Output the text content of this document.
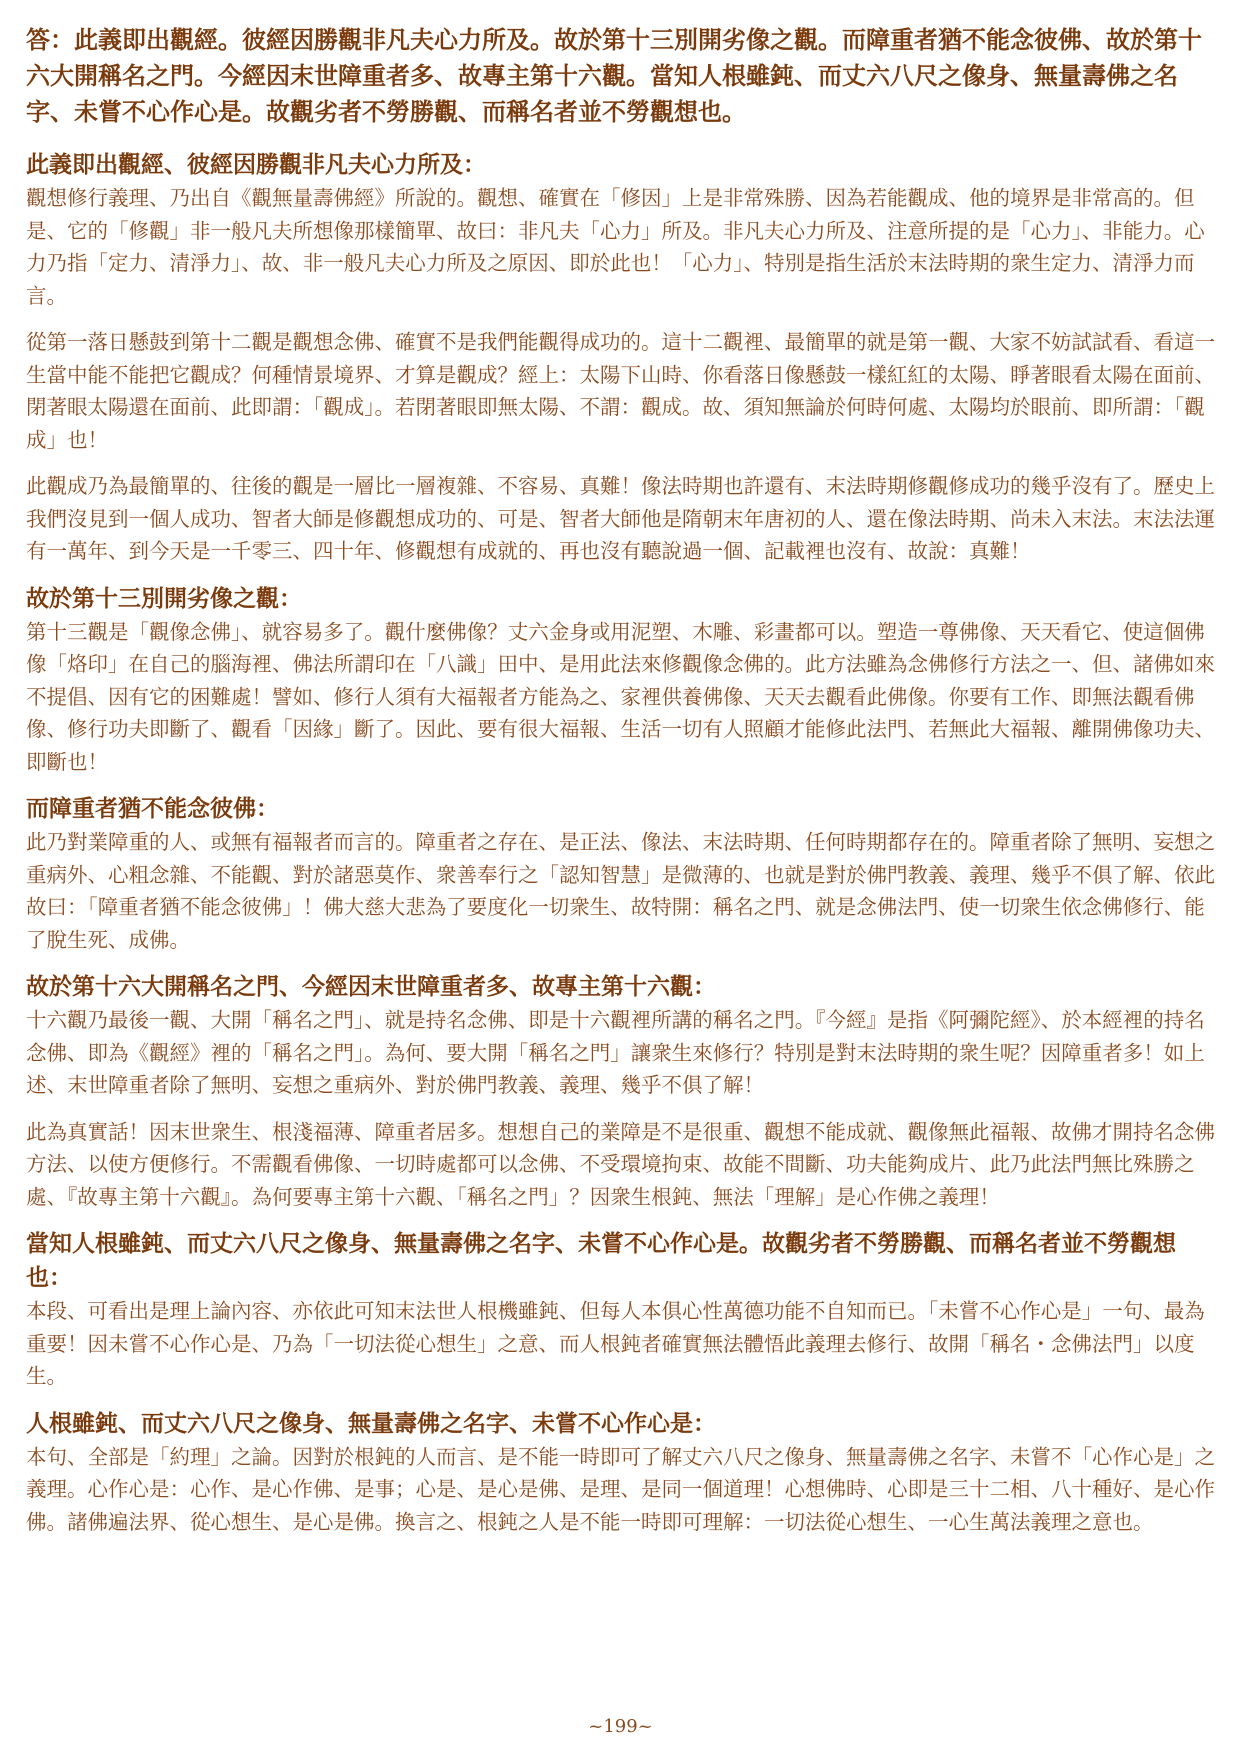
答：此義即出觀經。彼經因勝觀非凡夫心力所及。故於第十三別開劣像之觀。而障重者猶不能念彼佛、故於第十六大開稱名之門。今經因末世障重者多、故專主第十六觀。當知人根雖鈍、而丈六八尺之像身、無量壽佛之名字、未嘗不心作心是。故觀劣者不勞勝觀、而稱名者並不勞觀想也。

此義即出觀經、彼經因勝觀非凡夫心力所及：

觀想修行義理、乃出自《觀無量壽佛經》所說的。觀想、確實在「修因」上是非常殊勝、因為若能觀成、他的境界是非常高的。但是、它的「修觀」非一般凡夫所想像那樣簡單、故曰：非凡夫「心力」所及。非凡夫心力所及、注意所提的是「心力」、非能力。心力乃指「定力、清淨力」、故、非一般凡夫心力所及之原因、即於此也！「心力」、特別是指生活於末法時期的衆生定力、清淨力而言。

從第一落日懸鼓到第十二觀是觀想念佛、確實不是我們能觀得成功的。這十二觀裡、最簡單的就是第一觀、大家不妨試試看、看這一生當中能不能把它觀成？何種情景境界、才算是觀成？經上：太陽下山時、你看落日像懸鼓一樣紅紅的太陽、睜著眼看太陽在面前、閉著眼太陽還在面前、此即謂：「觀成」。若閉著眼即無太陽、不謂：觀成。故、須知無論於何時何處、太陽均於眼前、即所謂：「觀成」也！

此觀成乃為最簡單的、往後的觀是一層比一層複雜、不容易、真難！像法時期也許還有、末法時期修觀修成功的幾乎沒有了。歷史上我們沒見到一個人成功、智者大師是修觀想成功的、可是、智者大師他是隋朝末年唐初的人、還在像法時期、尚未入末法。末法法運有一萬年、到今天是一千零三、四十年、修觀想有成就的、再也沒有聽說過一個、記載裡也沒有、故說：真難！

故於第十三別開劣像之觀：

第十三觀是「觀像念佛」、就容易多了。觀什麼佛像？丈六金身或用泥塑、木雕、彩畫都可以。塑造一尊佛像、天天看它、使這個佛像「烙印」在自己的腦海裡、佛法所謂印在「八識」田中、是用此法來修觀像念佛的。此方法雖為念佛修行方法之一、但、諸佛如來不提倡、因有它的困難處！譬如、修行人須有大福報者方能為之、家裡供養佛像、天天去觀看此佛像。你要有工作、即無法觀看佛像、修行功夫即斷了、觀看「因緣」斷了。因此、要有很大福報、生活一切有人照顧才能修此法門、若無此大福報、離開佛像功夫、即斷也！

而障重者猶不能念彼佛：

此乃對業障重的人、或無有福報者而言的。障重者之存在、是正法、像法、末法時期、任何時期都存在的。障重者除了無明、妄想之重病外、心粗念雜、不能觀、對於諸惡莫作、衆善奉行之「認知智慧」是微薄的、也就是對於佛門教義、義理、幾乎不俱了解、依此故曰：「障重者猶不能念彼佛」！佛大慈大悲為了要度化一切衆生、故特開：稱名之門、就是念佛法門、使一切衆生依念佛修行、能了脫生死、成佛。

故於第十六大開稱名之門、今經因末世障重者多、故專主第十六觀：

十六觀乃最後一觀、大開「稱名之門」、就是持名念佛、即是十六觀裡所講的稱名之門。『今經』是指《阿彌陀經》、於本經裡的持名念佛、即為《觀經》裡的「稱名之門」。為何、要大開「稱名之門」讓衆生來修行？特別是對末法時期的衆生呢？因障重者多！如上述、末世障重者除了無明、妄想之重病外、對於佛門教義、義理、幾乎不俱了解！

此為真實話！因末世衆生、根淺福薄、障重者居多。想想自己的業障是不是很重、觀想不能成就、觀像無此福報、故佛才開持名念佛方法、以使方便修行。不需觀看佛像、一切時處都可以念佛、不受環境拘束、故能不間斷、功夫能夠成片、此乃此法門無比殊勝之處、『故專主第十六觀』。為何要專主第十六觀、「稱名之門」？因衆生根鈍、無法「理解」是心作佛之義理！

當知人根雖鈍、而丈六八尺之像身、無量壽佛之名字、未嘗不心作心是。故觀劣者不勞勝觀、而稱名者並不勞觀想也：

本段、可看出是理上論內容、亦依此可知末法世人根機雖鈍、但每人本俱心性萬德功能不自知而已。「未嘗不心作心是」一句、最為重要！因未嘗不心作心是、乃為「一切法從心想生」之意、而人根鈍者確實無法體悟此義理去修行、故開「稱名・念佛法門」以度生。

人根雖鈍、而丈六八尺之像身、無量壽佛之名字、未嘗不心作心是：

本句、全部是「約理」之論。因對於根鈍的人而言、是不能一時即可了解丈六八尺之像身、無量壽佛之名字、未嘗不「心作心是」之義理。心作心是：心作、是心作佛、是事；心是、是心是佛、是理、是同一個道理！心想佛時、心即是三十二相、八十種好、是心作佛。諸佛遍法界、從心想生、是心是佛。換言之、根鈍之人是不能一時即可理解：一切法從心想生、一心生萬法義理之意也。

~199~
